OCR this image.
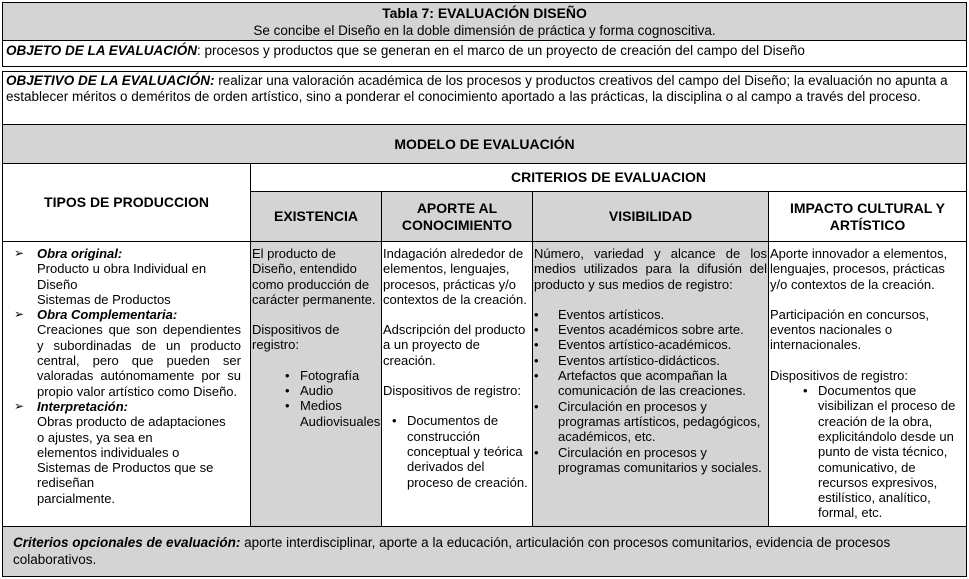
Tabla 7: EVALUACIÓN DISEÑO
Se concibe el Diseño en la doble dimensión de práctica y forma cognoscitiva.
OBJETO DE LA EVALUACIÓN: procesos y productos que se generan en el marco de un proyecto de creación del campo del Diseño
OBJETIVO DE LA EVALUACIÓN: realizar una valoración académica de los procesos y productos creativos del campo del Diseño; la evaluación no apunta a establecer méritos o deméritos de orden artístico, sino a ponderar el conocimiento aportado a las prácticas, la disciplina o al campo a través del proceso.
MODELO DE EVALUACIÓN
TIPOS DE PRODUCCION
CRITERIOS DE EVALUACION
EXISTENCIA
APORTE AL CONOCIMIENTO
VISIBILIDAD
IMPACTO CULTURAL Y ARTÍSTICO
➢ Obra original:

Producto u obra Individual en

Diseño

Sistemas de Productos

➢ Obra Complementaria:

Creaciones que son dependientes y subordinadas de un producto central, pero que pueden ser valoradas autónomamente por su propio valor artístico como Diseño.

➢ Interpretación:

Obras producto de adaptaciones

o ajustes, ya sea en

elementos individuales o

Sistemas de Productos que se

rediseñan

parcialmente.

El producto de Diseño, entendido como producción de carácter permanente.

Dispositivos de registro:

• Fotografía
• Audio
• Medios Audiovisuales

Indagación alrededor de elementos, lenguajes, procesos, prácticas y/o contextos de la creación.

Adscripción del producto a un proyecto de creación.

Dispositivos de registro:

• Documentos de construcción conceptual y teórica derivados del proceso de creación.

Número, variedad y alcance de los medios utilizados para la difusión del producto y sus medios de registro:

• Eventos artísticos.
• Eventos académicos sobre arte.
• Eventos artístico-académicos.
• Eventos artístico-didácticos.
• Artefactos que acompañan la comunicación de las creaciones.
• Circulación en procesos y programas artísticos, pedagógicos, académicos, etc.
• Circulación en procesos y programas comunitarios y sociales.

Aporte innovador a elementos, lenguajes, procesos, prácticas y/o contextos de la creación.

Participación en concursos, eventos nacionales o internacionales.

Dispositivos de registro:

• Documentos que visibilizan el proceso de creación de la obra, explicitándolo desde un punto de vista técnico, comunicativo, de recursos expresivos, estilístico, analítico, formal, etc.
Criterios opcionales de evaluación: aporte interdisciplinar, aporte a la educación, articulación con procesos comunitarios, evidencia de procesos colaborativos.
